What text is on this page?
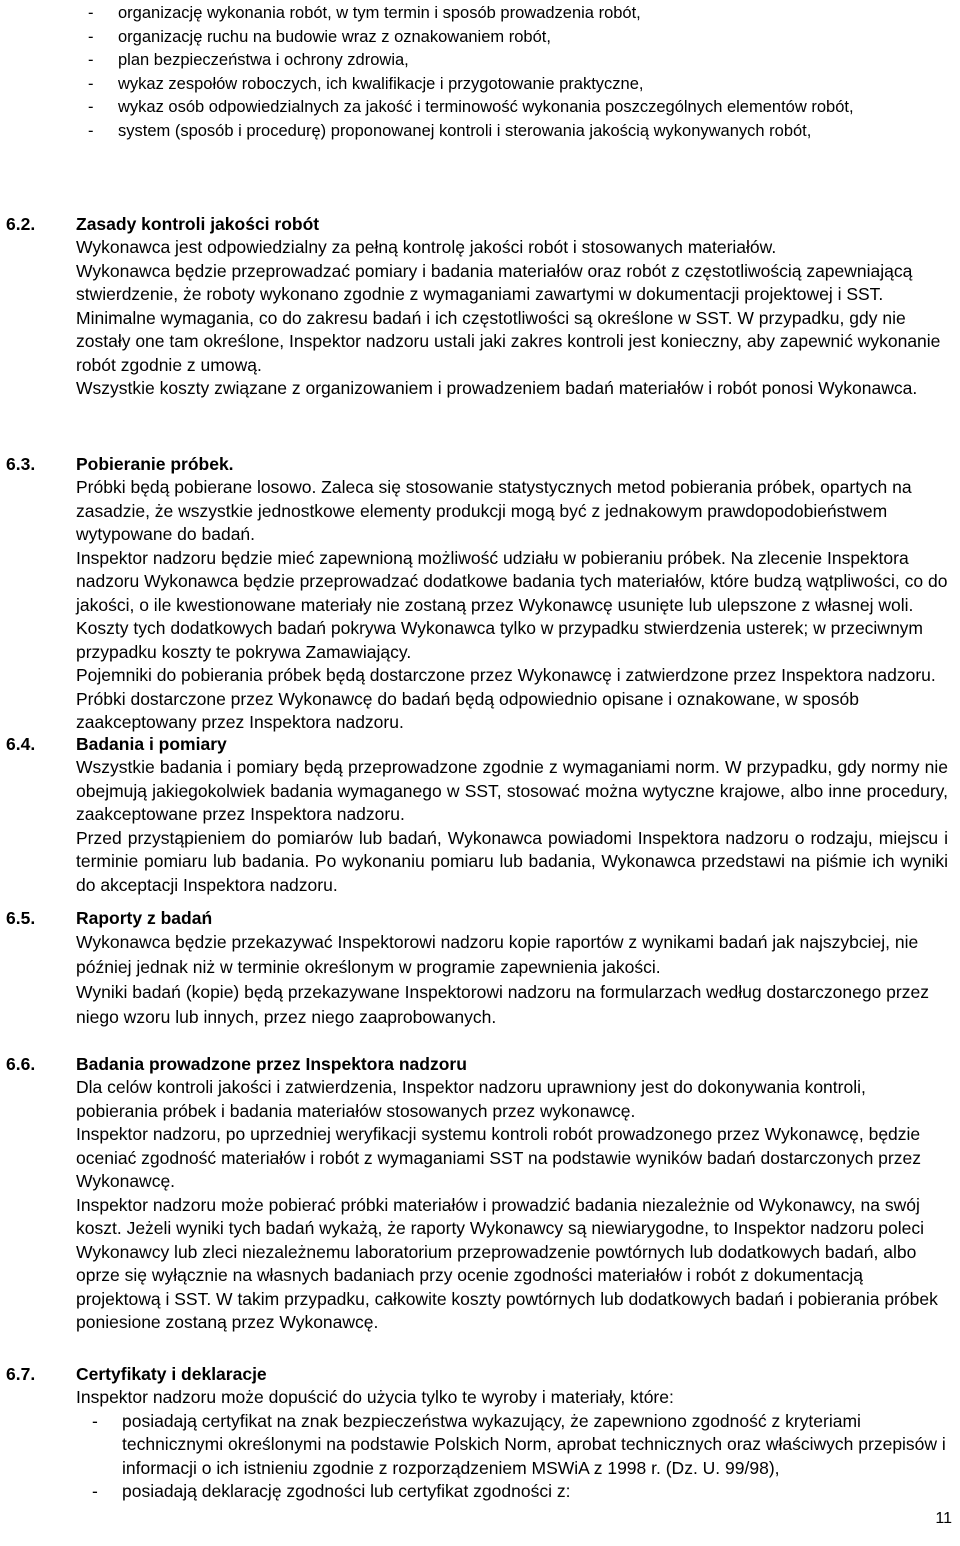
- organizację wykonania robót, w tym termin i sposób prowadzenia robót,
- organizację ruchu na budowie wraz z oznakowaniem robót,
- plan bezpieczeństwa i ochrony zdrowia,
- wykaz zespołów roboczych, ich kwalifikacje i przygotowanie praktyczne,
- wykaz osób odpowiedzialnych za jakość i terminowość wykonania poszczególnych elementów robót,
- system (sposób i procedurę) proponowanej kontroli i sterowania jakością wykonywanych robót,
6.2. Zasady kontroli jakości robót

Wykonawca jest odpowiedzialny za pełną kontrolę jakości robót i stosowanych materiałów.

Wykonawca będzie przeprowadzać pomiary i badania materiałów oraz robót z częstotliwością zapewniającą stwierdzenie, że roboty wykonano zgodnie z wymaganiami zawartymi w dokumentacji projektowej i SST.

Minimalne wymagania, co do zakresu badań i ich częstotliwości są określone w SST. W przypadku, gdy nie zostały one tam określone, Inspektor nadzoru ustali jaki zakres kontroli jest konieczny, aby zapewnić wykonanie robót zgodnie z umową.

Wszystkie koszty związane z organizowaniem i prowadzeniem badań materiałów i robót ponosi Wykonawca.

6.3. Pobieranie próbek.

Próbki będą pobierane losowo. Zaleca się stosowanie statystycznych metod pobierania próbek, opartych na zasadzie, że wszystkie jednostkowe elementy produkcji mogą być z jednakowym prawdopodobieństwem wytypowane do badań.

Inspektor nadzoru będzie mieć zapewnioną możliwość udziału w pobieraniu próbek. Na zlecenie Inspektora nadzoru Wykonawca będzie przeprowadzać dodatkowe badania tych materiałów, które budzą wątpliwości, co do jakości, o ile kwestionowane materiały nie zostaną przez Wykonawcę usunięte lub ulepszone z własnej woli. Koszty tych dodatkowych badań pokrywa Wykonawca tylko w przypadku stwierdzenia usterek; w przeciwnym przypadku koszty te pokrywa Zamawiający.

Pojemniki do pobierania próbek będą dostarczone przez Wykonawcę i zatwierdzone przez Inspektora nadzoru. Próbki dostarczone przez Wykonawcę do badań będą odpowiednio opisane i oznakowane, w sposób zaakceptowany przez Inspektora nadzoru.

6.4. Badania i pomiary

Wszystkie badania i pomiary będą przeprowadzone zgodnie z wymaganiami norm. W przypadku, gdy normy nie obejmują jakiegokolwiek badania wymaganego w SST, stosować można wytyczne krajowe, albo inne procedury, zaakceptowane przez Inspektora nadzoru.

Przed przystąpieniem do pomiarów lub badań, Wykonawca powiadomi Inspektora nadzoru o rodzaju, miejscu i terminie pomiaru lub badania. Po wykonaniu pomiaru lub badania, Wykonawca przedstawi na piśmie ich wyniki do akceptacji Inspektora nadzoru.

6.5. Raporty z badań

Wykonawca będzie przekazywać Inspektorowi nadzoru kopie raportów z wynikami badań jak najszybciej, nie później jednak niż w terminie określonym w programie zapewnienia jakości.

Wyniki badań (kopie) będą przekazywane Inspektorowi nadzoru na formularzach według dostarczonego przez niego wzoru lub innych, przez niego zaaprobowanych.

6.6. Badania prowadzone przez Inspektora nadzoru

Dla celów kontroli jakości i zatwierdzenia, Inspektor nadzoru uprawniony jest do dokonywania kontroli, pobierania próbek i badania materiałów stosowanych przez wykonawcę.

Inspektor nadzoru, po uprzedniej weryfikacji systemu kontroli robót prowadzonego przez Wykonawcę, będzie oceniać zgodność materiałów i robót z wymaganiami SST na podstawie wyników badań dostarczonych przez Wykonawcę.

Inspektor nadzoru może pobierać próbki materiałów i prowadzić badania niezależnie od Wykonawcy, na swój koszt. Jeżeli wyniki tych badań wykażą, że raporty Wykonawcy są niewiarygodne, to Inspektor nadzoru poleci Wykonawcy lub zleci niezależnemu laboratorium przeprowadzenie powtórnych lub dodatkowych badań, albo oprze się wyłącznie na własnych badaniach przy ocenie zgodności materiałów i robót z dokumentacją projektową i SST. W takim przypadku, całkowite koszty powtórnych lub dodatkowych badań i pobierania próbek poniesione zostaną przez Wykonawcę.

6.7. Certyfikaty i deklaracje

Inspektor nadzoru może dopuścić do użycia tylko te wyroby i materiały, które:

- posiadają certyfikat na znak bezpieczeństwa wykazujący, że zapewniono zgodność z kryteriami technicznymi określonymi na podstawie Polskich Norm, aprobat technicznych oraz właściwych przepisów i informacji o ich istnieniu zgodnie z rozporządzeniem MSWiA z 1998 r. (Dz. U. 99/98),
- posiadają deklarację zgodności lub certyfikat zgodności z:
11
